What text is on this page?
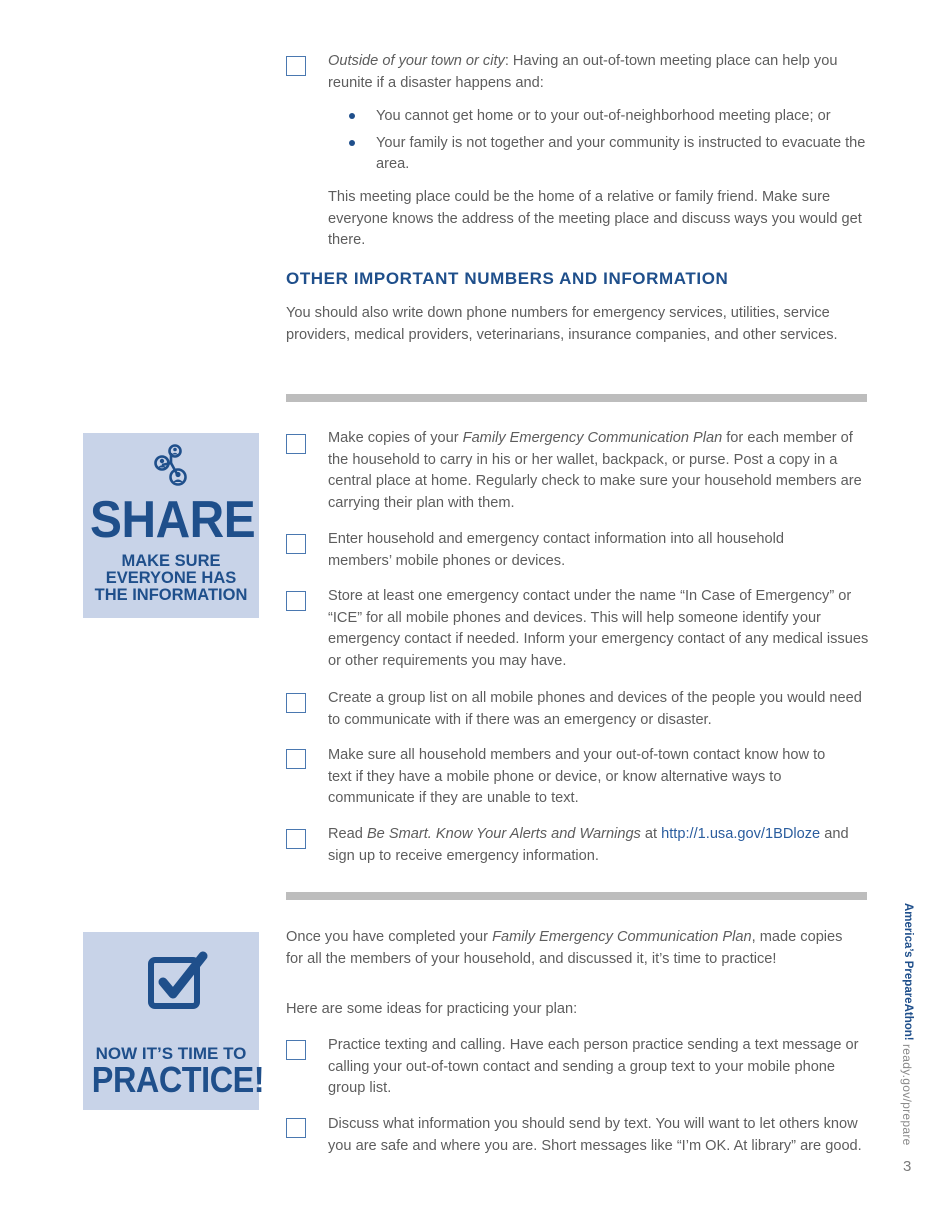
Outside of your town or city: Having an out-of-town meeting place can help you reunite if a disaster happens and:

You cannot get home or to your out-of-neighborhood meeting place; or
Your family is not together and your community is instructed to evacuate the area.
This meeting place could be the home of a relative or family friend. Make sure everyone knows the address of the meeting place and discuss ways you would get there.
OTHER IMPORTANT NUMBERS AND INFORMATION
You should also write down phone numbers for emergency services, utilities, service providers, medical providers, veterinarians, insurance companies, and other services.
SHARE
MAKE SURE
EVERYONE HAS
THE INFORMATION
Make copies of your Family Emergency Communication Plan for each member of the household to carry in his or her wallet, backpack, or purse. Post a copy in a central place at home. Regularly check to make sure your household members are carrying their plan with them.
Enter household and emergency contact information into all household members’ mobile phones or devices.
Store at least one emergency contact under the name “In Case of Emergency” or “ICE” for all mobile phones and devices. This will help someone identify your emergency contact if needed. Inform your emergency contact of any medical issues or other requirements you may have.
Create a group list on all mobile phones and devices of the people you would need to communicate with if there was an emergency or disaster.
Make sure all household members and your out-of-town contact know how to text if they have a mobile phone or device, or know alternative ways to communicate if they are unable to text.
Read Be Smart. Know Your Alerts and Warnings at http://1.usa.gov/1BDloze and sign up to receive emergency information.
NOW IT’S TIME TO
PRACTICE!
Once you have completed your Family Emergency Communication Plan, made copies for all the members of your household, and discussed it, it’s time to practice!
Here are some ideas for practicing your plan:
Practice texting and calling. Have each person practice sending a text message or calling your out-of-town contact and sending a group text to your mobile phone group list.
Discuss what information you should send by text. You will want to let others know you are safe and where you are. Short messages like “I’m OK. At library” are good.
America’s PrepareAthon!
ready.gov/prepare
3
